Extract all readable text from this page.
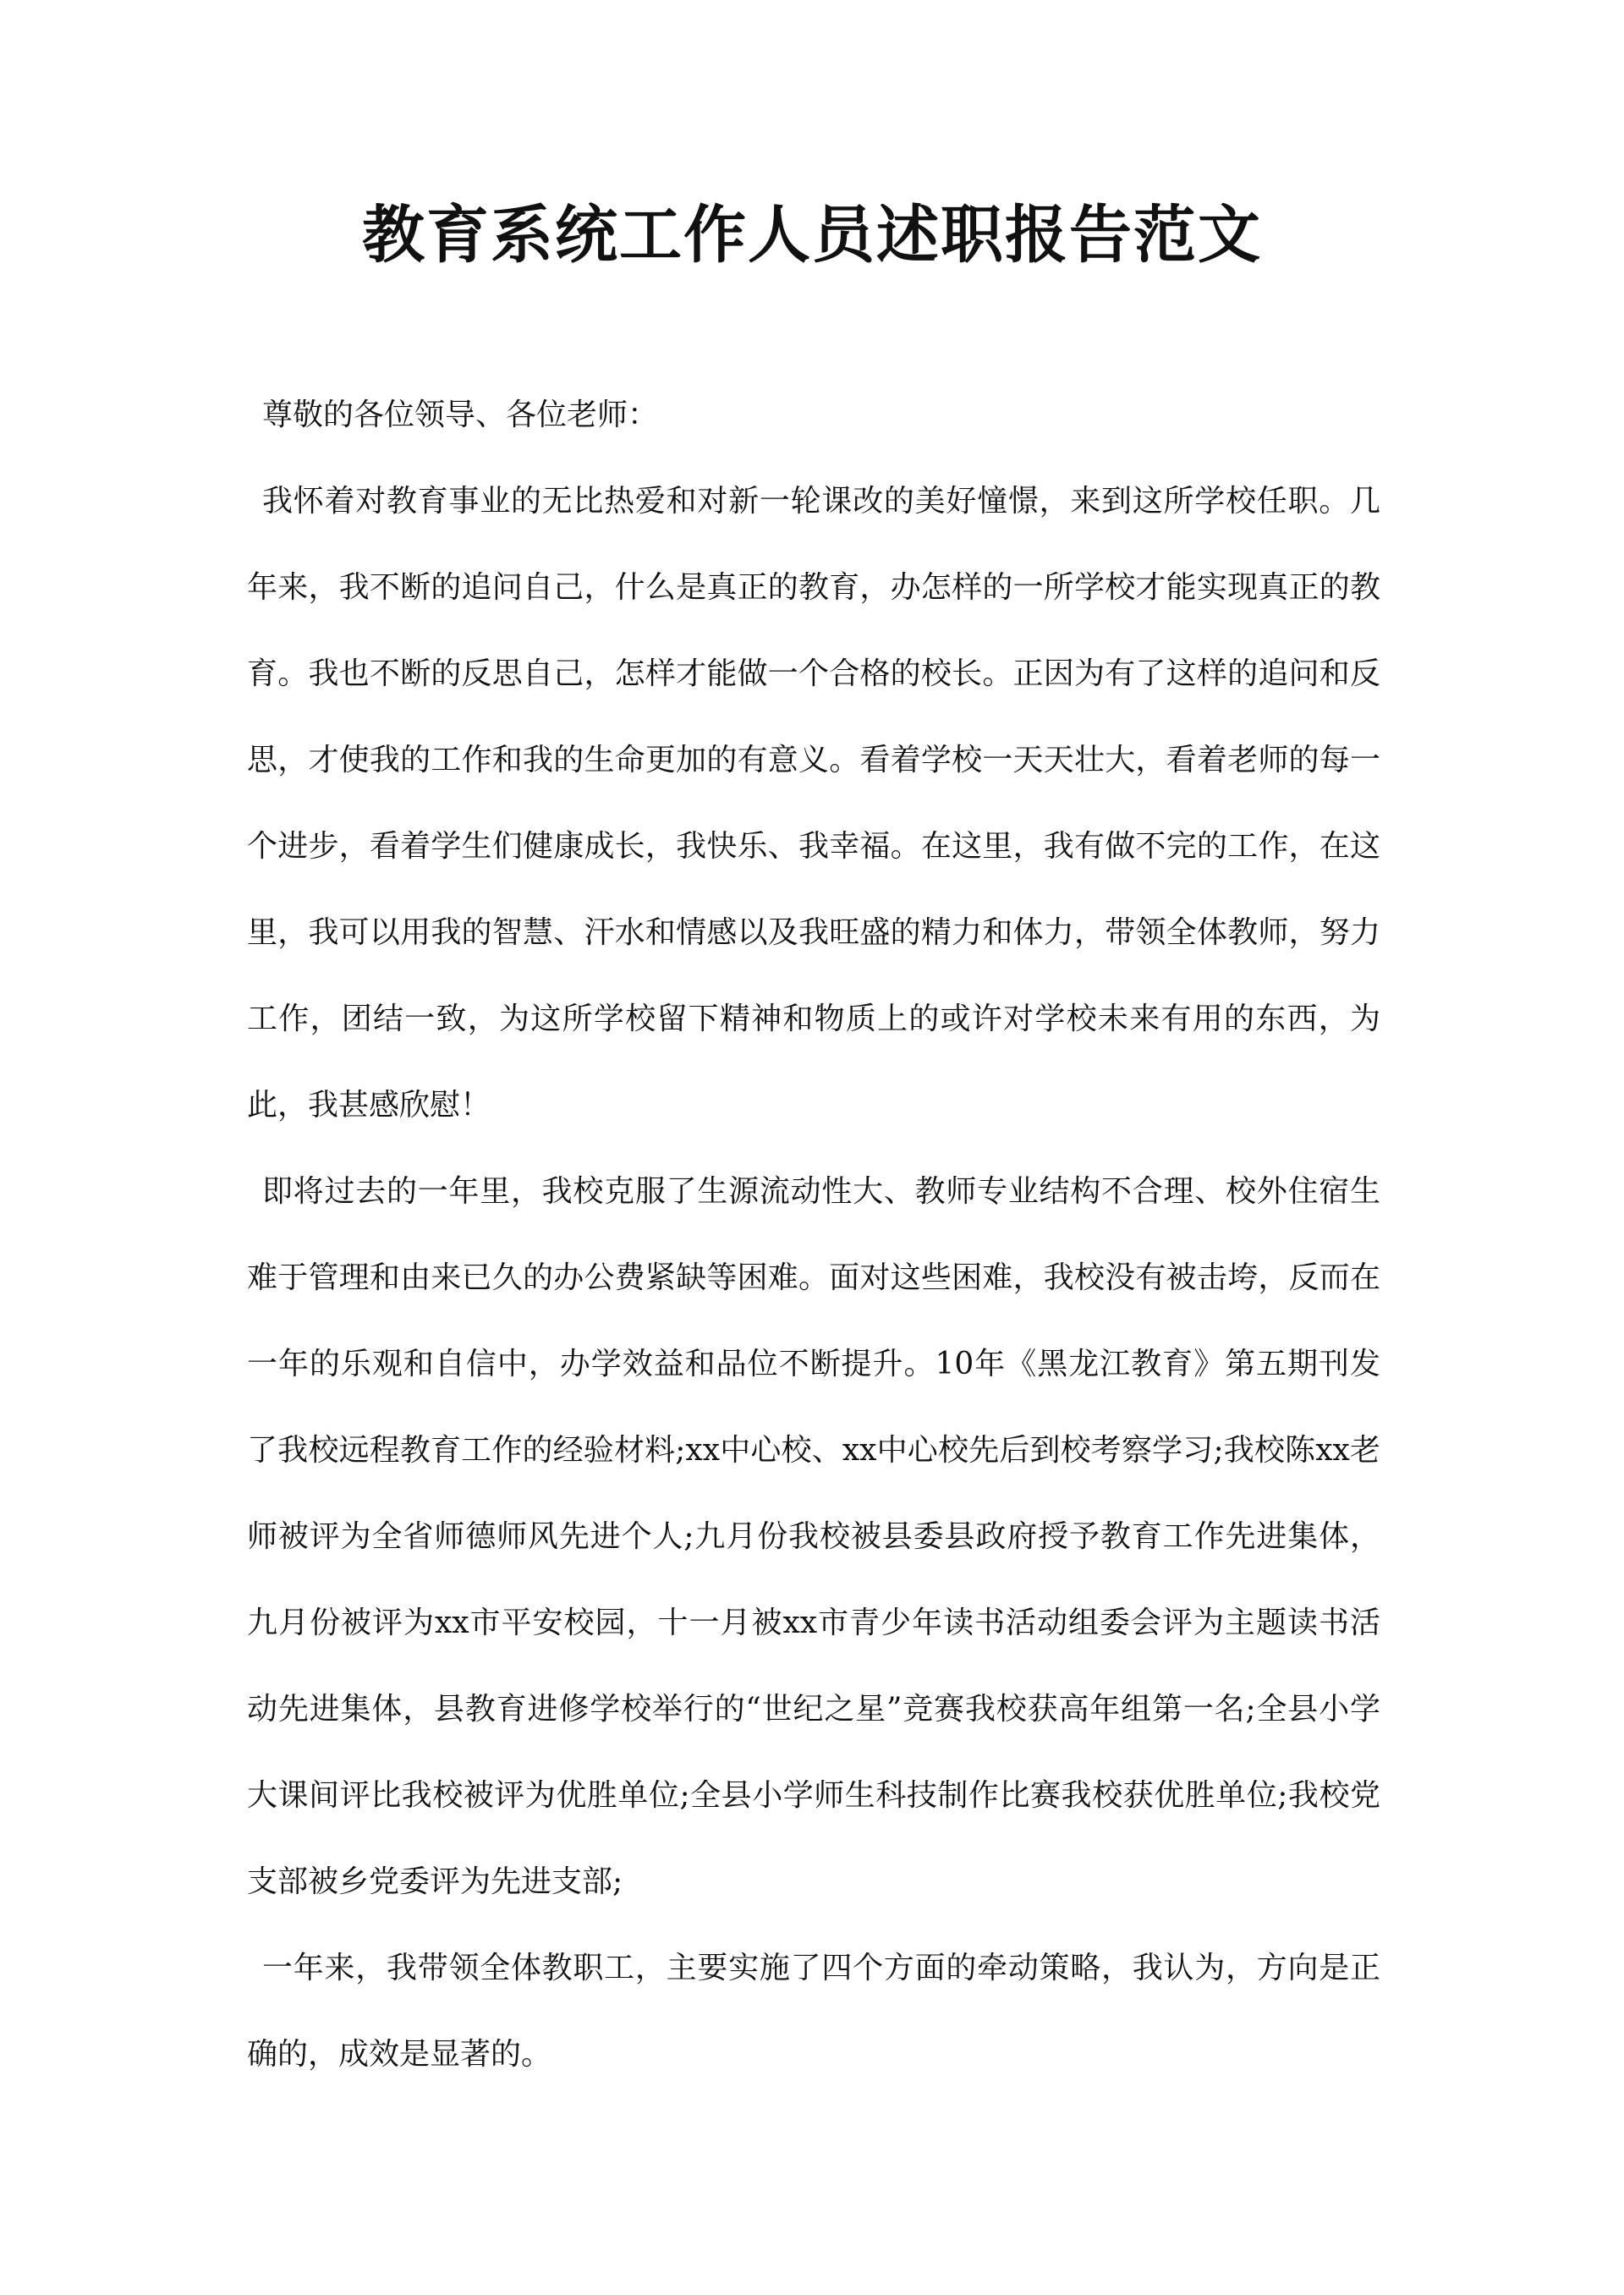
教育系统工作人员述职报告范文

尊敬的各位领导、各位老师：

我怀着对教育事业的无比热爱和对新一轮课改的美好憧憬，来到这所学校任职。几年来，我不断的追问自己，什么是真正的教育，办怎样的一所学校才能实现真正的教育。我也不断的反思自己，怎样才能做一个合格的校长。正因为有了这样的追问和反思，才使我的工作和我的生命更加的有意义。看着学校一天天壮大，看着老师的每一个进步，看着学生们健康成长，我快乐、我幸福。在这里，我有做不完的工作，在这里，我可以用我的智慧、汗水和情感以及我旺盛的精力和体力，带领全体教师，努力工作，团结一致，为这所学校留下精神和物质上的或许对学校未来有用的东西，为此，我甚感欣慰！

即将过去的一年里，我校克服了生源流动性大、教师专业结构不合理、校外住宿生难于管理和由来已久的办公费紧缺等困难。面对这些困难，我校没有被击垮，反而在一年的乐观和自信中，办学效益和品位不断提升。10年《黑龙江教育》第五期刊发了我校远程教育工作的经验材料;xx中心校、xx中心校先后到校考察学习;我校陈xx老师被评为全省师德师风先进个人;九月份我校被县委县政府授予教育工作先进集体，九月份被评为xx市平安校园，十一月被xx市青少年读书活动组委会评为主题读书活动先进集体，县教育进修学校举行的“世纪之星”竞赛我校获高年组第一名;全县小学大课间评比我校被评为优胜单位;全县小学师生科技制作比赛我校获优胜单位;我校党支部被乡党委评为先进支部;

一年来，我带领全体教职工，主要实施了四个方面的牵动策略，我认为，方向是正确的，成效是显著的。
